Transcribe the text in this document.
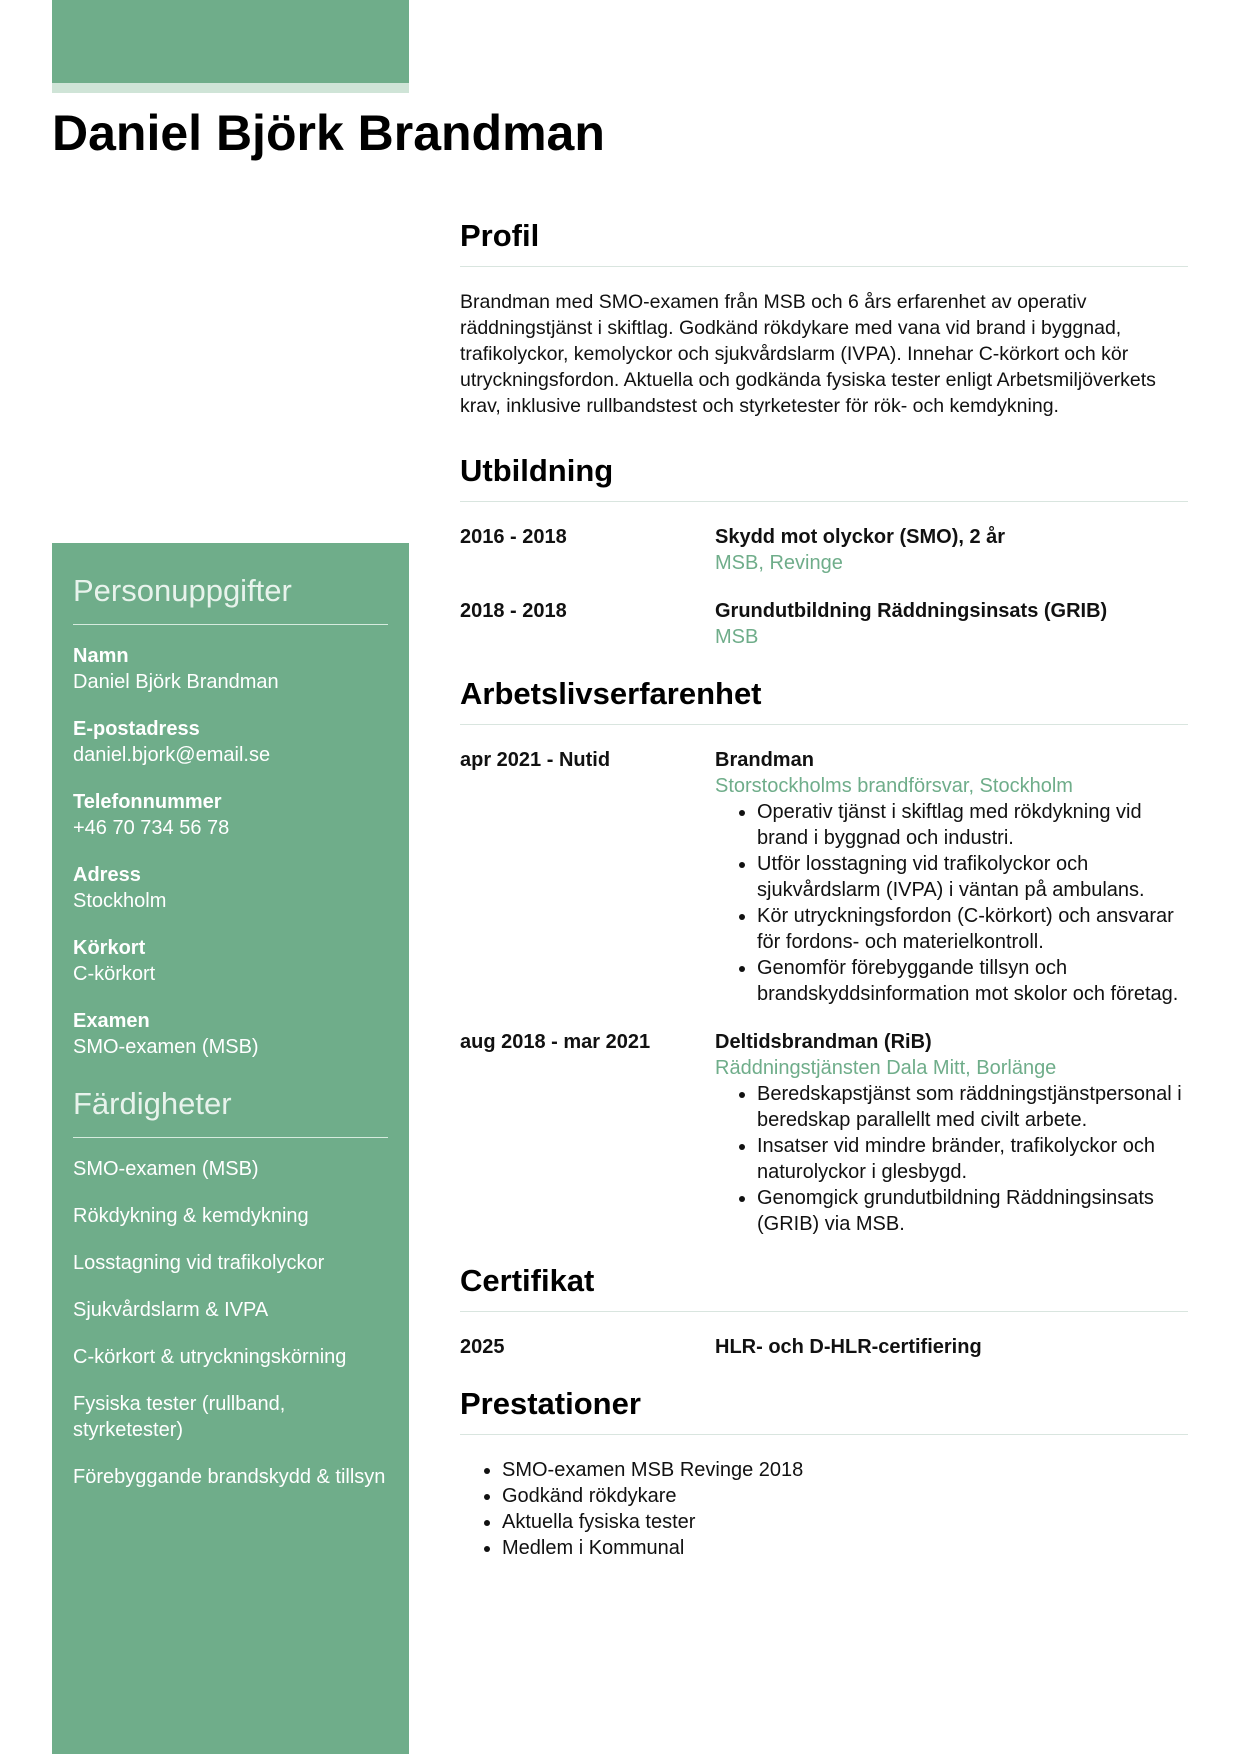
Daniel Björk Brandman
Personuppgifter
Namn
Daniel Björk Brandman
E-postadress
daniel.bjork@email.se
Telefonnummer
+46 70 734 56 78
Adress
Stockholm
Körkort
C-körkort
Examen
SMO-examen (MSB)
Färdigheter
SMO-examen (MSB)
Rökdykning & kemdykning
Losstagning vid trafikolyckor
Sjukvårdslarm & IVPA
C-körkort & utryckningskörning
Fysiska tester (rullband, styrketester)
Förebyggande brandskydd & tillsyn
Profil

Brandman med SMO-examen från MSB och 6 års erfarenhet av operativ räddningstjänst i skiftlag. Godkänd rökdykare med vana vid brand i byggnad, trafikolyckor, kemolyckor och sjukvårdslarm (IVPA). Innehar C-körkort och kör utryckningsfordon. Aktuella och godkända fysiska tester enligt Arbetsmiljöverkets krav, inklusive rullbandstest och styrketester för rök- och kemdykning.

Utbildning
2016 - 2018	Skydd mot olyckor (SMO), 2 år
MSB, Revinge
2018 - 2018	Grundutbildning Räddningsinsats (GRIB)
MSB
Arbetslivserfarenhet
apr 2021 - Nutid	Brandman
Storstockholms brandförsvar, Stockholm
• Operativ tjänst i skiftlag med rökdykning vid brand i byggnad och industri.
• Utför losstagning vid trafikolyckor och sjukvårdslarm (IVPA) i väntan på ambulans.
• Kör utryckningsfordon (C-körkort) och ansvarar för fordons- och materielkontroll.
• Genomför förebyggande tillsyn och brandskyddsinformation mot skolor och företag.
aug 2018 - mar 2021	Deltidsbrandman (RiB)
Räddningstjänsten Dala Mitt, Borlänge
• Beredskapstjänst som räddningstjänstpersonal i beredskap parallellt med civilt arbete.
• Insatser vid mindre bränder, trafikolyckor och naturolyckor i glesbygd.
• Genomgick grundutbildning Räddningsinsats (GRIB) via MSB.
Certifikat
2025	HLR- och D-HLR-certifiering
Prestationer
• SMO-examen MSB Revinge 2018
• Godkänd rökdykare
• Aktuella fysiska tester
• Medlem i Kommunal
